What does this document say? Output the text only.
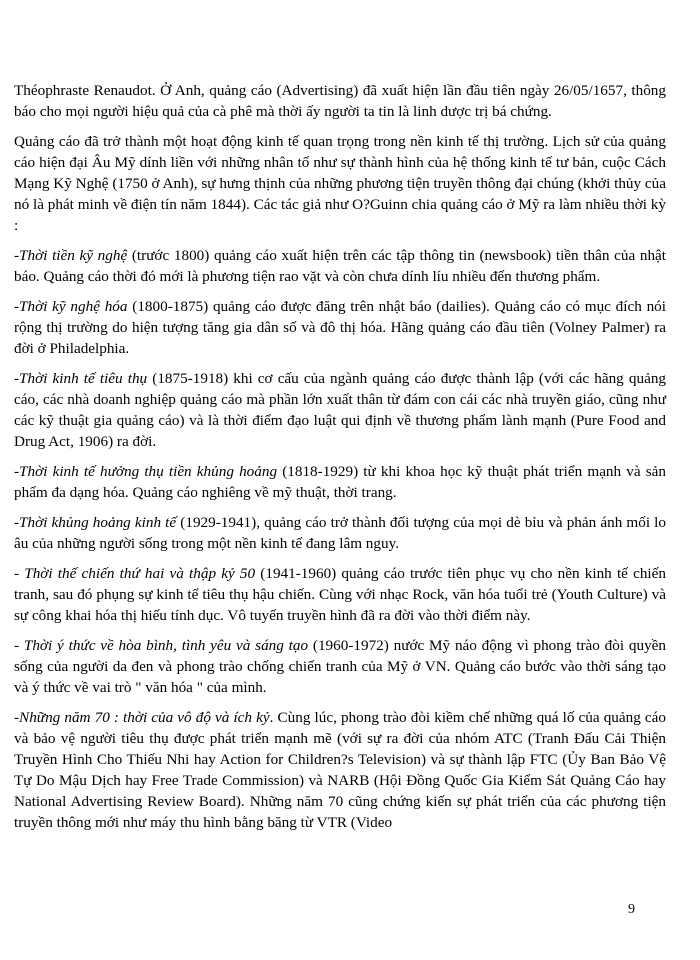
Théophraste Renaudot. Ở Anh, quảng cáo (Advertising) đã xuất hiện lần đầu tiên ngày 26/05/1657, thông báo cho mọi người hiệu quả của cà phê mà thời ấy người ta tin là linh dược trị bá chứng.

Quảng cáo đã trở thành một hoạt động kinh tế quan trọng trong nền kinh tế thị trường. Lịch sử của quảng cáo hiện đại Âu Mỹ dính liền với những nhân tố như sự thành hình của hệ thống kinh tế tư bản, cuộc Cách Mạng Kỹ Nghệ (1750 ở Anh), sự hưng thịnh của những phương tiện truyền thông đại chúng (khởi thủy của nó là phát minh về điện tín năm 1844). Các tác giả như O?Guinn chia quảng cáo ở Mỹ ra làm nhiều thời kỳ :

-Thời tiền kỹ nghệ (trước 1800) quảng cáo xuất hiện trên các tập thông tin (newsbook) tiền thân của nhật báo. Quảng cáo thời đó mới là phương tiện rao vặt và còn chưa dính líu nhiều đến thương phẩm.

-Thời kỹ nghệ hóa (1800-1875) quảng cáo được đăng trên nhật báo (dailies). Quảng cáo có mục đích nói rộng thị trường do hiện tượng tăng gia dân số và đô thị hóa. Hãng quảng cáo đầu tiên (Volney Palmer) ra đời ở Philadelphia.

-Thời kinh tế tiêu thụ (1875-1918) khi cơ cấu của ngành quảng cáo được thành lập (với các hãng quảng cáo, các nhà doanh nghiệp quảng cáo mà phần lớn xuất thân từ đám con cái các nhà truyền giáo, cũng như các kỹ thuật gia quảng cáo) và là thời điểm đạo luật qui định về thương phẩm lành mạnh (Pure Food and Drug Act, 1906) ra đời.

-Thời kinh tế hưởng thụ tiền khủng hoảng (1818-1929) từ khi khoa học kỹ thuật phát triển mạnh và sản phẩm đa dạng hóa. Quảng cáo nghiêng về mỹ thuật, thời trang.

-Thời khủng hoảng kinh tế (1929-1941), quảng cáo trở thành đối tượng của mọi dè bỉu và phản ánh mối lo âu của những người sống trong một nền kinh tế đang lâm nguy.

- Thời thế chiến thứ hai và thập kỷ 50 (1941-1960) quảng cáo trước tiên phục vụ cho nền kinh tế chiến tranh, sau đó phụng sự kinh tế tiêu thụ hậu chiến. Cùng với nhạc Rock, văn hóa tuổi trẻ (Youth Culture) và sự công khai hóa thị hiếu tính dục. Vô tuyến truyền hình đã ra đời vào thời điểm này.

- Thời ý thức về hòa bình, tình yêu và sáng tạo (1960-1972) nước Mỹ náo động vì phong trào đòi quyền sống của người da đen và phong trào chống chiến tranh của Mỹ ở VN. Quảng cáo bước vào thời sáng tạo và ý thức về vai trò " văn hóa " của mình.

-Những năm 70 : thời của vô độ và ích kỷ. Cùng lúc, phong trào đòi kiềm chế những quá lố của quảng cáo và bảo vệ người tiêu thụ được phát triển mạnh mẽ (với sự ra đời của nhóm ATC (Tranh Đấu Cải Thiện Truyền Hình Cho Thiếu Nhi hay Action for Children?s Television) và sự thành lập FTC (Ủy Ban Bảo Vệ Tự Do Mậu Dịch hay Free Trade Commission) và NARB (Hội Đồng Quốc Gia Kiểm Sát Quảng Cáo hay National Advertising Review Board). Những năm 70 cũng chứng kiến sự phát triển của các phương tiện truyền thông mới như máy thu hình bằng băng từ VTR (Video

9
